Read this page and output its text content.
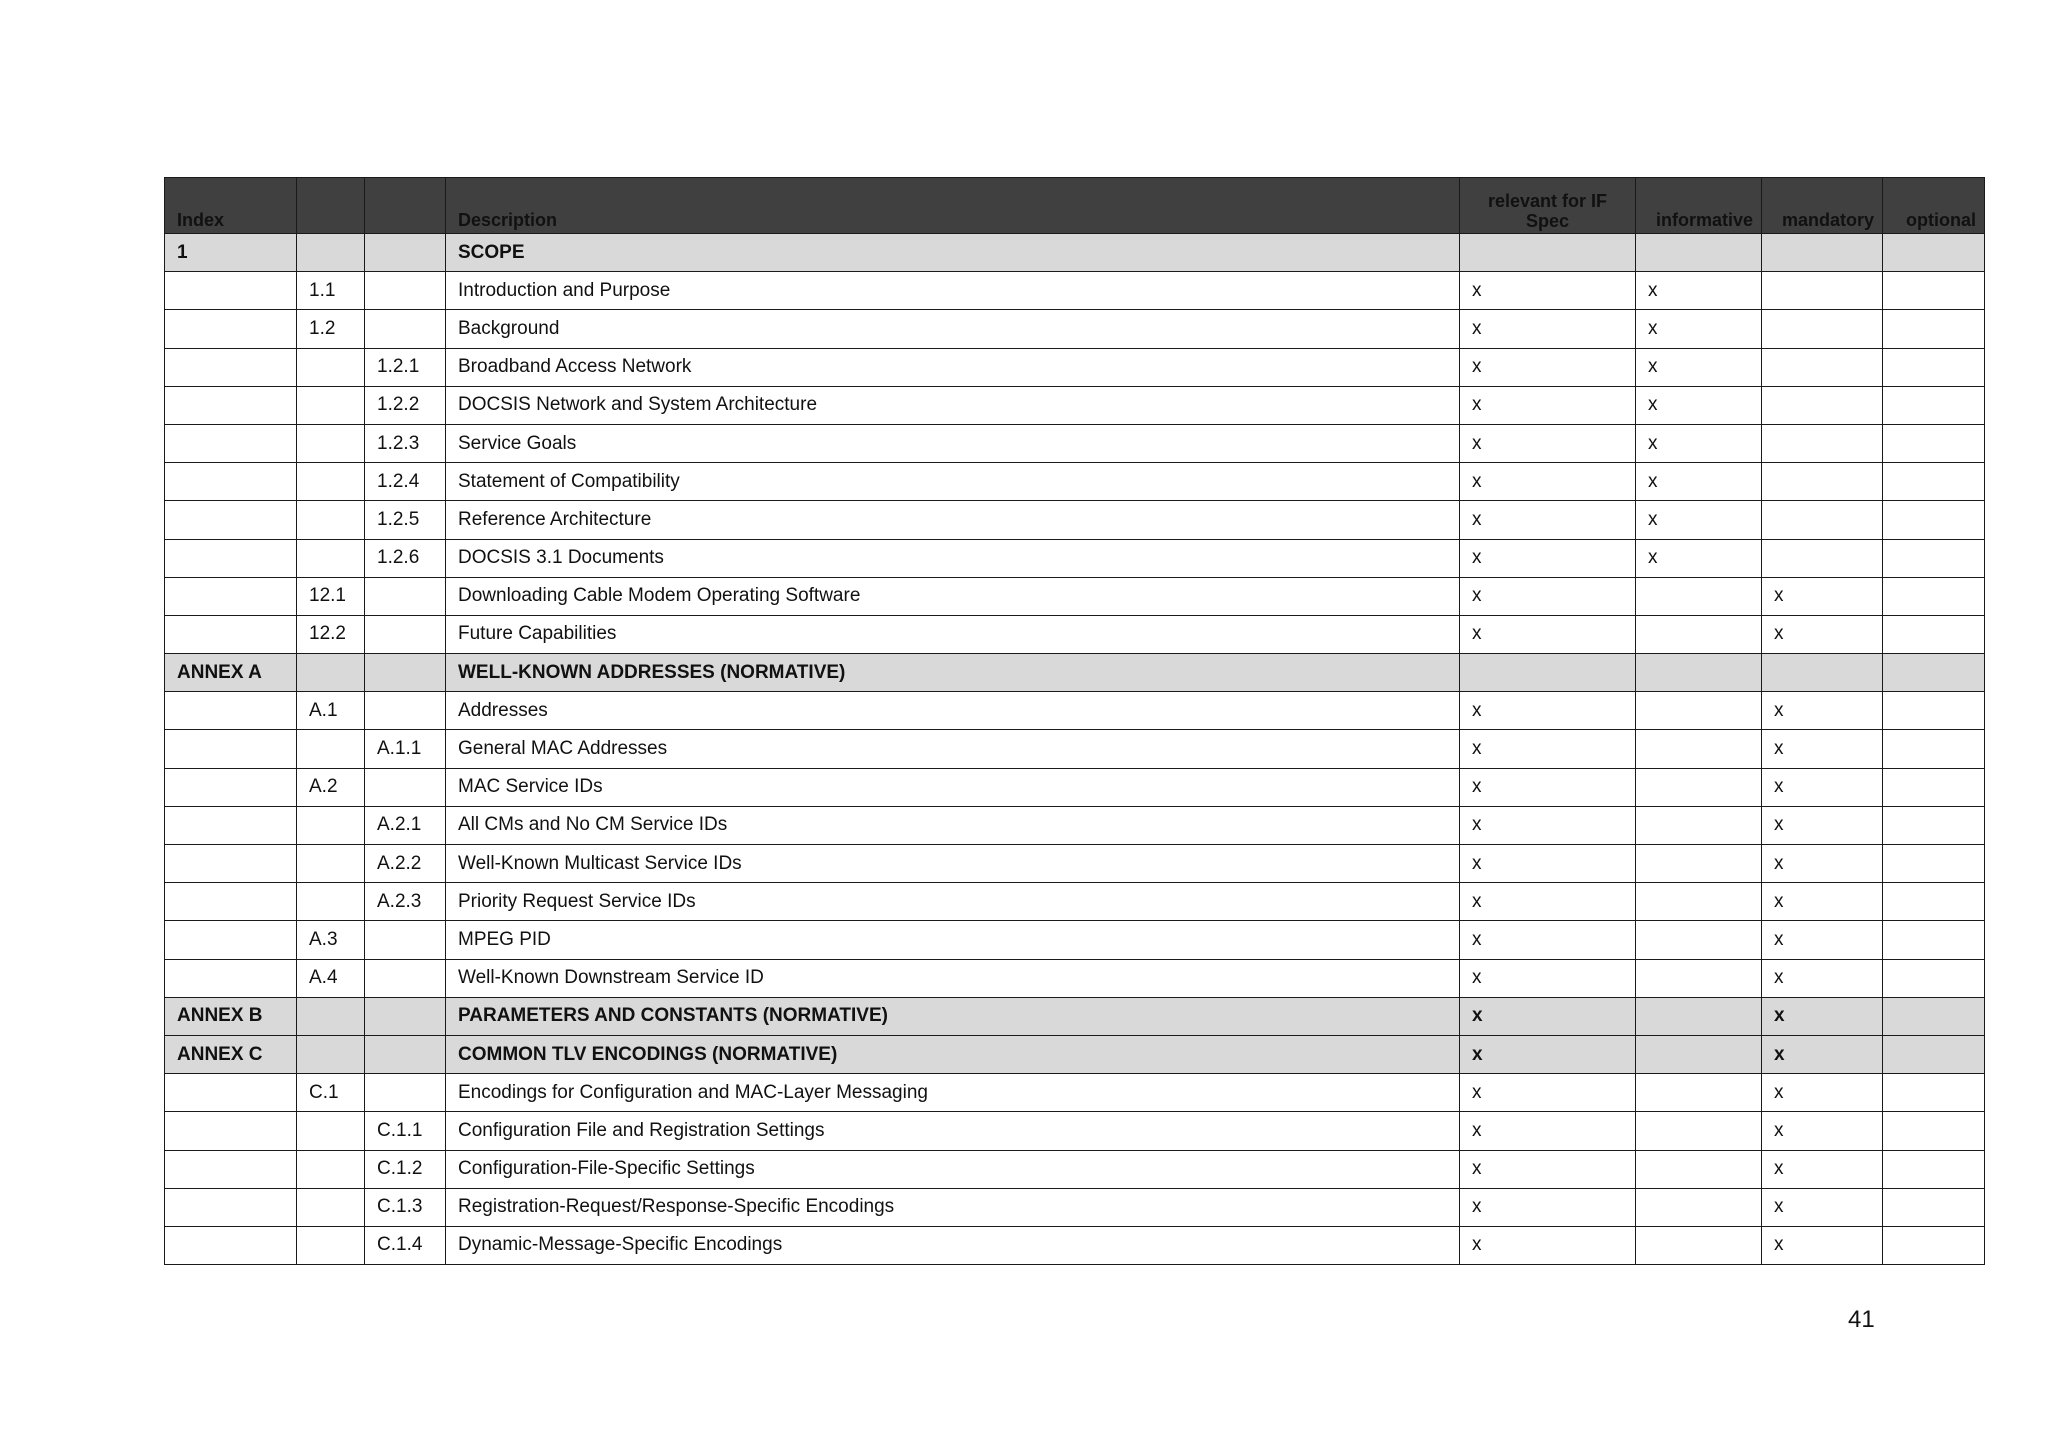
Index			Description	relevant for IF Spec	informative	mandatory	optional
1			SCOPE				
	1.1		Introduction and Purpose	x	x		
	1.2		Background	x	x		
		1.2.1	Broadband Access Network	x	x		
		1.2.2	DOCSIS Network and System Architecture	x	x		
		1.2.3	Service Goals	x	x		
		1.2.4	Statement of Compatibility	x	x		
		1.2.5	Reference Architecture	x	x		
		1.2.6	DOCSIS 3.1 Documents	x	x		
	12.1		Downloading Cable Modem Operating Software	x		x	
	12.2		Future Capabilities	x		x	
ANNEX A			WELL-KNOWN ADDRESSES (NORMATIVE)				
	A.1		Addresses	x		x	
		A.1.1	General MAC Addresses	x		x	
	A.2		MAC Service IDs	x		x	
		A.2.1	All CMs and No CM Service IDs	x		x	
		A.2.2	Well-Known Multicast Service IDs	x		x	
		A.2.3	Priority Request Service IDs	x		x	
	A.3		MPEG PID	x		x	
	A.4		Well-Known Downstream Service ID	x		x	
ANNEX B			PARAMETERS AND CONSTANTS (NORMATIVE)	x		x	
ANNEX C			COMMON TLV ENCODINGS (NORMATIVE)	x		x	
	C.1		Encodings for Configuration and MAC-Layer Messaging	x		x	
		C.1.1	Configuration File and Registration Settings	x		x	
		C.1.2	Configuration-File-Specific Settings	x		x	
		C.1.3	Registration-Request/Response-Specific Encodings	x		x	
		C.1.4	Dynamic-Message-Specific Encodings	x		x	
41
